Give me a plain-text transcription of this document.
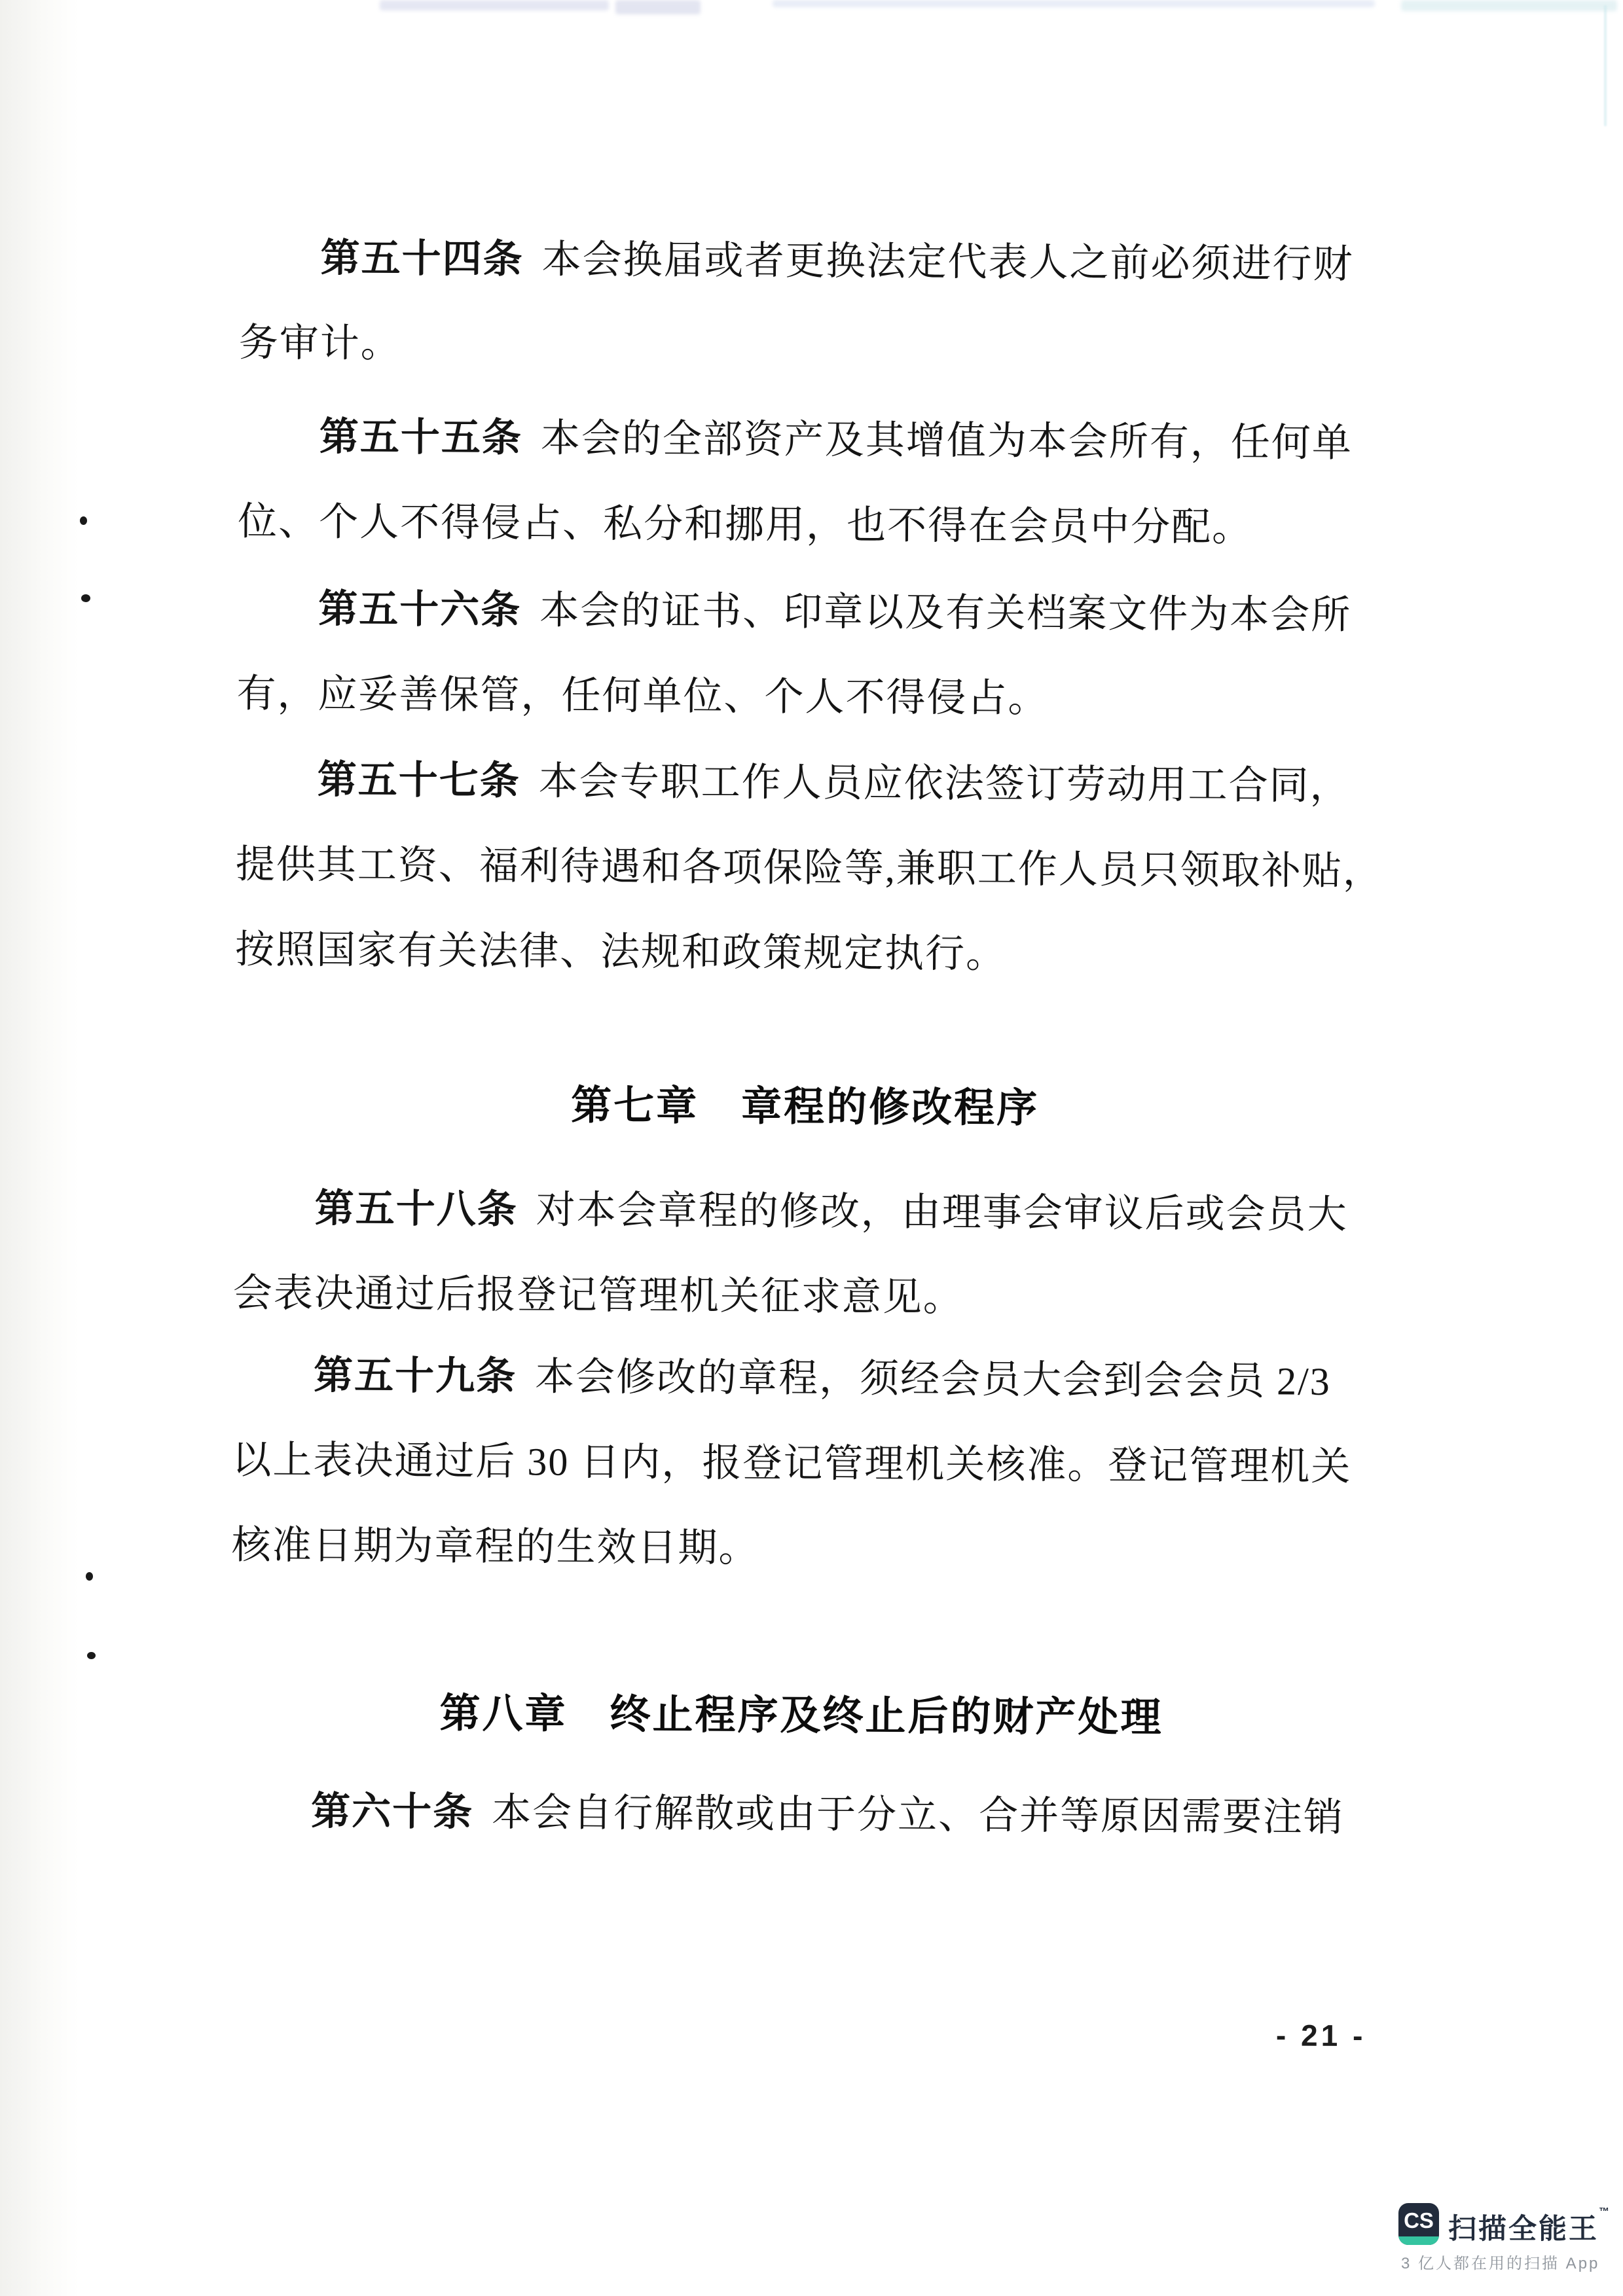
第五十四条 本会换届或者更换法定代表人之前必须进行财
务审计。
第五十五条 本会的全部资产及其增值为本会所有，任何单
位、个人不得侵占、私分和挪用，也不得在会员中分配。
第五十六条 本会的证书、印章以及有关档案文件为本会所
有，应妥善保管，任何单位、个人不得侵占。
第五十七条 本会专职工作人员应依法签订劳动用工合同，
提供其工资、福利待遇和各项保险等,兼职工作人员只领取补贴，
按照国家有关法律、法规和政策规定执行。
第七章　章程的修改程序
第五十八条 对本会章程的修改，由理事会审议后或会员大
会表决通过后报登记管理机关征求意见。
第五十九条 本会修改的章程，须经会员大会到会会员 2/3
以上表决通过后 30 日内，报登记管理机关核准。登记管理机关
核准日期为章程的生效日期。
第八章　终止程序及终止后的财产处理
第六十条 本会自行解散或由于分立、合并等原因需要注销
- 21 -
CS 扫描全能王™
3 亿人都在用的扫描 App
